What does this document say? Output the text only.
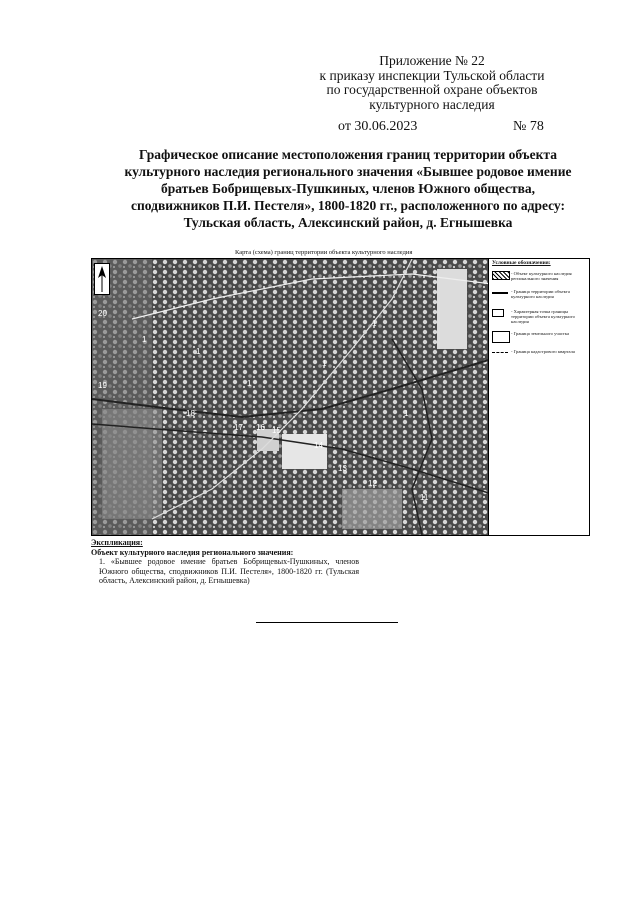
Приложение № 22
к приказу инспекции Тульской области
по государственной охране объектов
культурного наследия
от 30.06.2023	№ 78
Графическое описание местоположения границ территории объекта
культурного наследия регионального значения «Бывшее родовое имение
братьев Бобрищевых-Пушкиных, членов Южного общества,
сподвижников П.И. Пестеля», 1800-1820 гг., расположенного по адресу:
Тульская область, Алексинский район, д. Егнышевка
Карта (схема) границ территории объекта культурного наследия
1
1
1
1
1
1
12
13
14
15
16
17
18
19
20
11
Условные обозначения:
- Объект культурного наследия регионального значения
- Граница территории объекта культурного наследия
- Характерная точка границы территории объекта культурного наследия
- Граница земельного участка
- Граница кадастрового квартала
Экспликация:
Объект культурного наследия регионального значения:
1. «Бывшее родовое имение братьев Бобрищевых-Пушкиных, членов Южного общества, сподвижников П.И. Пестеля», 1800-1820 гг. (Тульская область, Алексинский район, д. Егнышевка)
